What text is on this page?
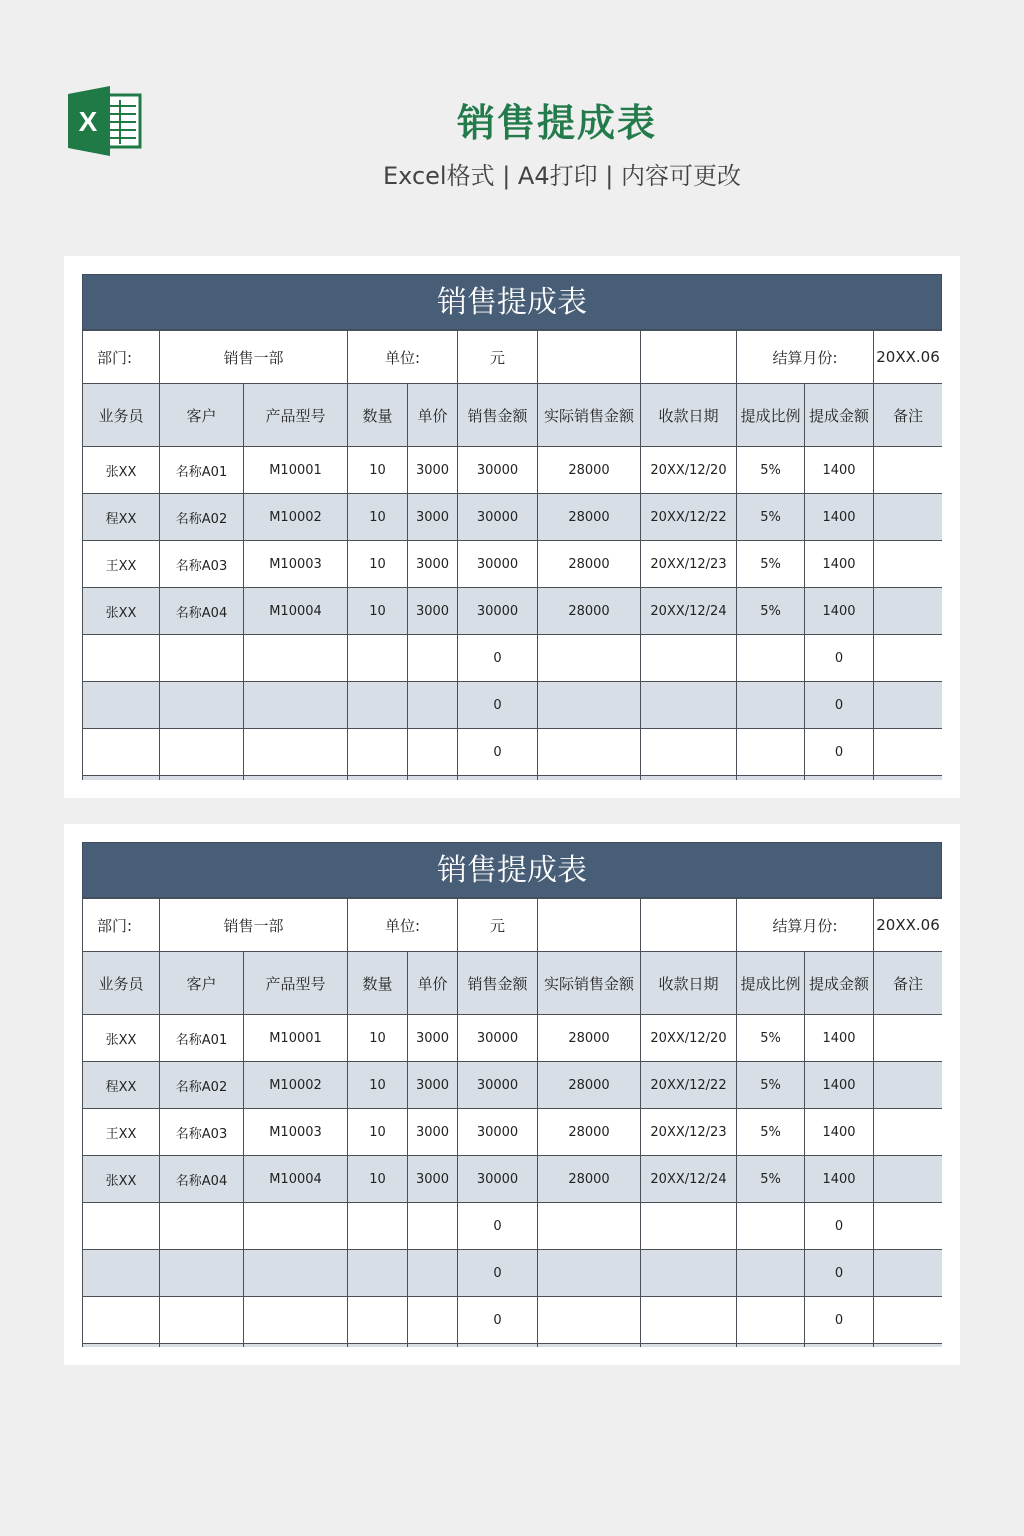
X	销售提成表
Excel格式 | A4打印 | 内容可更改
销售提成表
部门:	销售一部		单位:		元			结算月份:		20XX.06
业务员	客户	产品型号	数量	单价	销售金额	实际销售金额	收款日期	提成比例	提成金额	备注
张XX	名称A01	M10001	10	3000	30000	28000	20XX/12/20	5%	1400	
程XX	名称A02	M10002	10	3000	30000	28000	20XX/12/22	5%	1400	
王XX	名称A03	M10003	10	3000	30000	28000	20XX/12/23	5%	1400	
张XX	名称A04	M10004	10	3000	30000	28000	20XX/12/24	5%	1400	
					0				0	
					0				0	
					0				0	

销售提成表
部门:	销售一部		单位:		元			结算月份:		20XX.06
业务员	客户	产品型号	数量	单价	销售金额	实际销售金额	收款日期	提成比例	提成金额	备注
张XX	名称A01	M10001	10	3000	30000	28000	20XX/12/20	5%	1400	
程XX	名称A02	M10002	10	3000	30000	28000	20XX/12/22	5%	1400	
王XX	名称A03	M10003	10	3000	30000	28000	20XX/12/23	5%	1400	
张XX	名称A04	M10004	10	3000	30000	28000	20XX/12/24	5%	1400	
					0				0	
					0				0	
					0				0	
